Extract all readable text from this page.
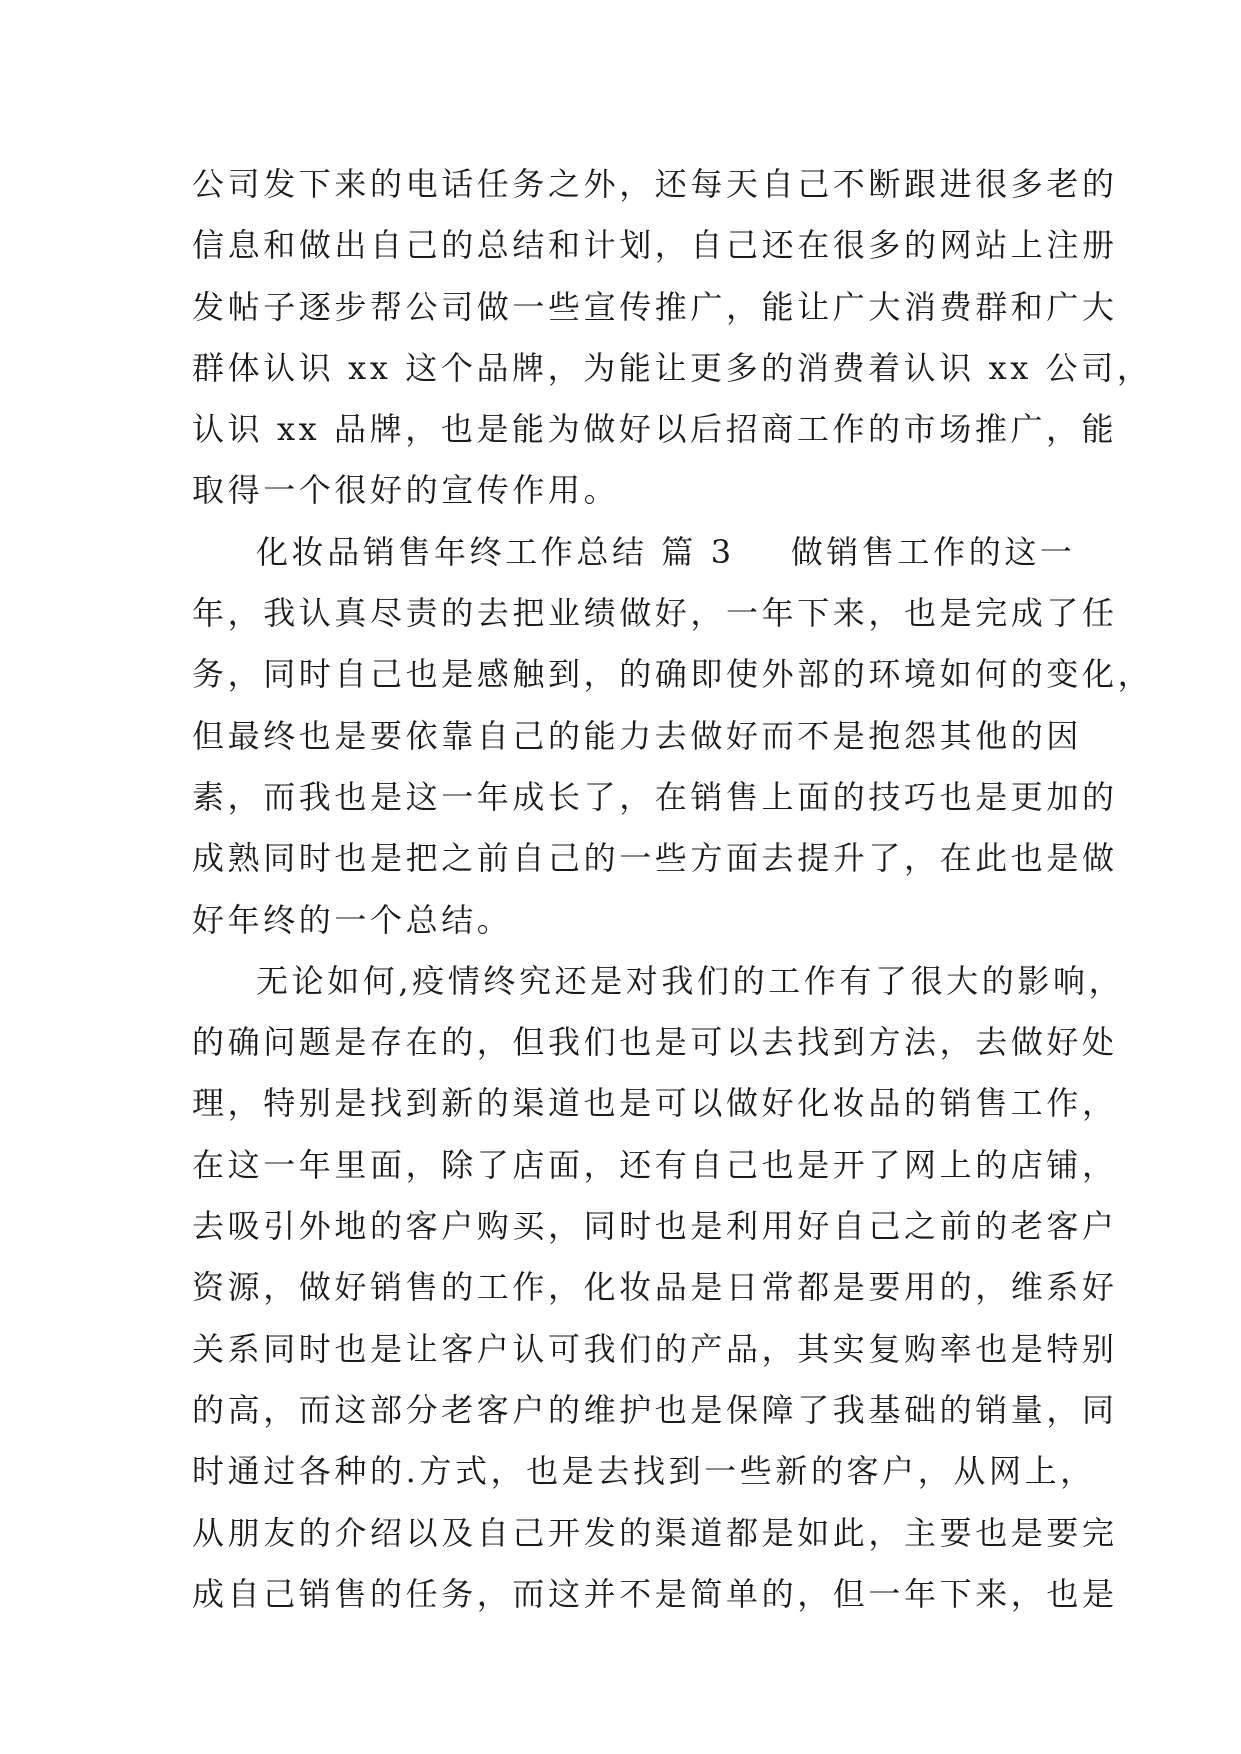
公司发下来的电话任务之外，还每天自己不断跟进很多老的
信息和做出自己的总结和计划，自己还在很多的网站上注册
发帖子逐步帮公司做一些宣传推广，能让广大消费群和广大
群体认识 xx 这个品牌，为能让更多的消费着认识 xx 公司，
认识 xx 品牌，也是能为做好以后招商工作的市场推广，能
取得一个很好的宣传作用。
化妆品销售年终工作总结 篇 3 做销售工作的这一
年，我认真尽责的去把业绩做好，一年下来，也是完成了任
务，同时自己也是感触到，的确即使外部的环境如何的变化，
但最终也是要依靠自己的能力去做好而不是抱怨其他的因
素，而我也是这一年成长了，在销售上面的技巧也是更加的
成熟同时也是把之前自己的一些方面去提升了，在此也是做
好年终的一个总结。
无论如何,疫情终究还是对我们的工作有了很大的影响，
的确问题是存在的，但我们也是可以去找到方法，去做好处
理，特别是找到新的渠道也是可以做好化妆品的销售工作，
在这一年里面，除了店面，还有自己也是开了网上的店铺，
去吸引外地的客户购买，同时也是利用好自己之前的老客户
资源，做好销售的工作，化妆品是日常都是要用的，维系好
关系同时也是让客户认可我们的产品，其实复购率也是特别
的高，而这部分老客户的维护也是保障了我基础的销量，同
时通过各种的.方式，也是去找到一些新的客户，从网上，
从朋友的介绍以及自己开发的渠道都是如此，主要也是要完
成自己销售的任务，而这并不是简单的，但一年下来，也是
